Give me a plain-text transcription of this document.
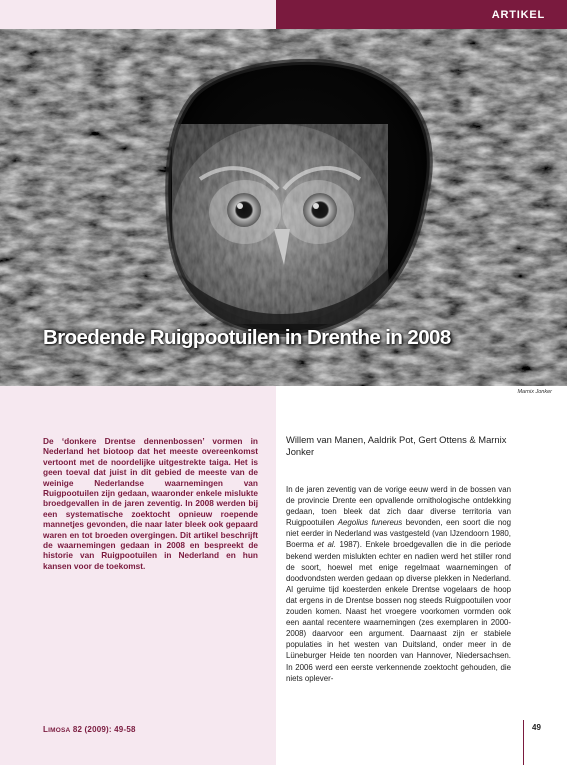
ARTIKEL
Broedende Ruigpootuilen in Drenthe in 2008
Marnix Jonker

De ‘donkere Drentse dennenbossen’ vormen in Nederland het biotoop dat het meeste overeenkomst vertoont met de noordelijke uitgestrekte taiga. Het is geen toeval dat juist in dit gebied de meeste van de weinige Nederlandse waarnemingen van Ruigpootuilen zijn gedaan, waaronder enkele mislukte broedgevallen in de jaren zeventig. In 2008 werden bij een systematische zoektocht opnieuw roepende mannetjes gevonden, die naar later bleek ook gepaard waren en tot broeden overgingen. Dit artikel beschrijft de waarnemingen gedaan in 2008 en bespreekt de historie van Ruigpootuilen in Nederland en hun kansen voor de toekomst.

Willem van Manen, Aaldrik Pot, Gert Ottens & Marnix Jonker

In de jaren zeventig van de vorige eeuw werd in de bossen van de provincie Drente een opvallende ornithologische ontdekking gedaan, toen bleek dat zich daar diverse territoria van Ruigpootuilen Aegolius funereus bevonden, een soort die nog niet eerder in Nederland was vastgesteld (van IJzendoorn 1980, Boerma et al. 1987). Enkele broedgevallen die in die periode bekend werden mislukten echter en nadien werd het stiller rond de soort, hoewel met enige regelmaat waarnemingen of doodvondsten werden gedaan op diverse plekken in Nederland. Al geruime tijd koesterden enkele Drentse vogelaars de hoop dat ergens in de Drentse bossen nog steeds Ruigpootuilen voor zouden komen. Naast het vroegere voorkomen vormden ook een aantal recentere waarnemingen (zes exemplaren in 2000-2008) daarvoor een argument. Daarnaast zijn er stabiele populaties in het westen van Duitsland, onder meer in de Lüneburger Heide ten noorden van Hannover, Niedersachsen. In 2006 werd een eerste verkennende zoektocht gehouden, die niets oplever-

LIMOSA 82 (2009): 49-58	49
